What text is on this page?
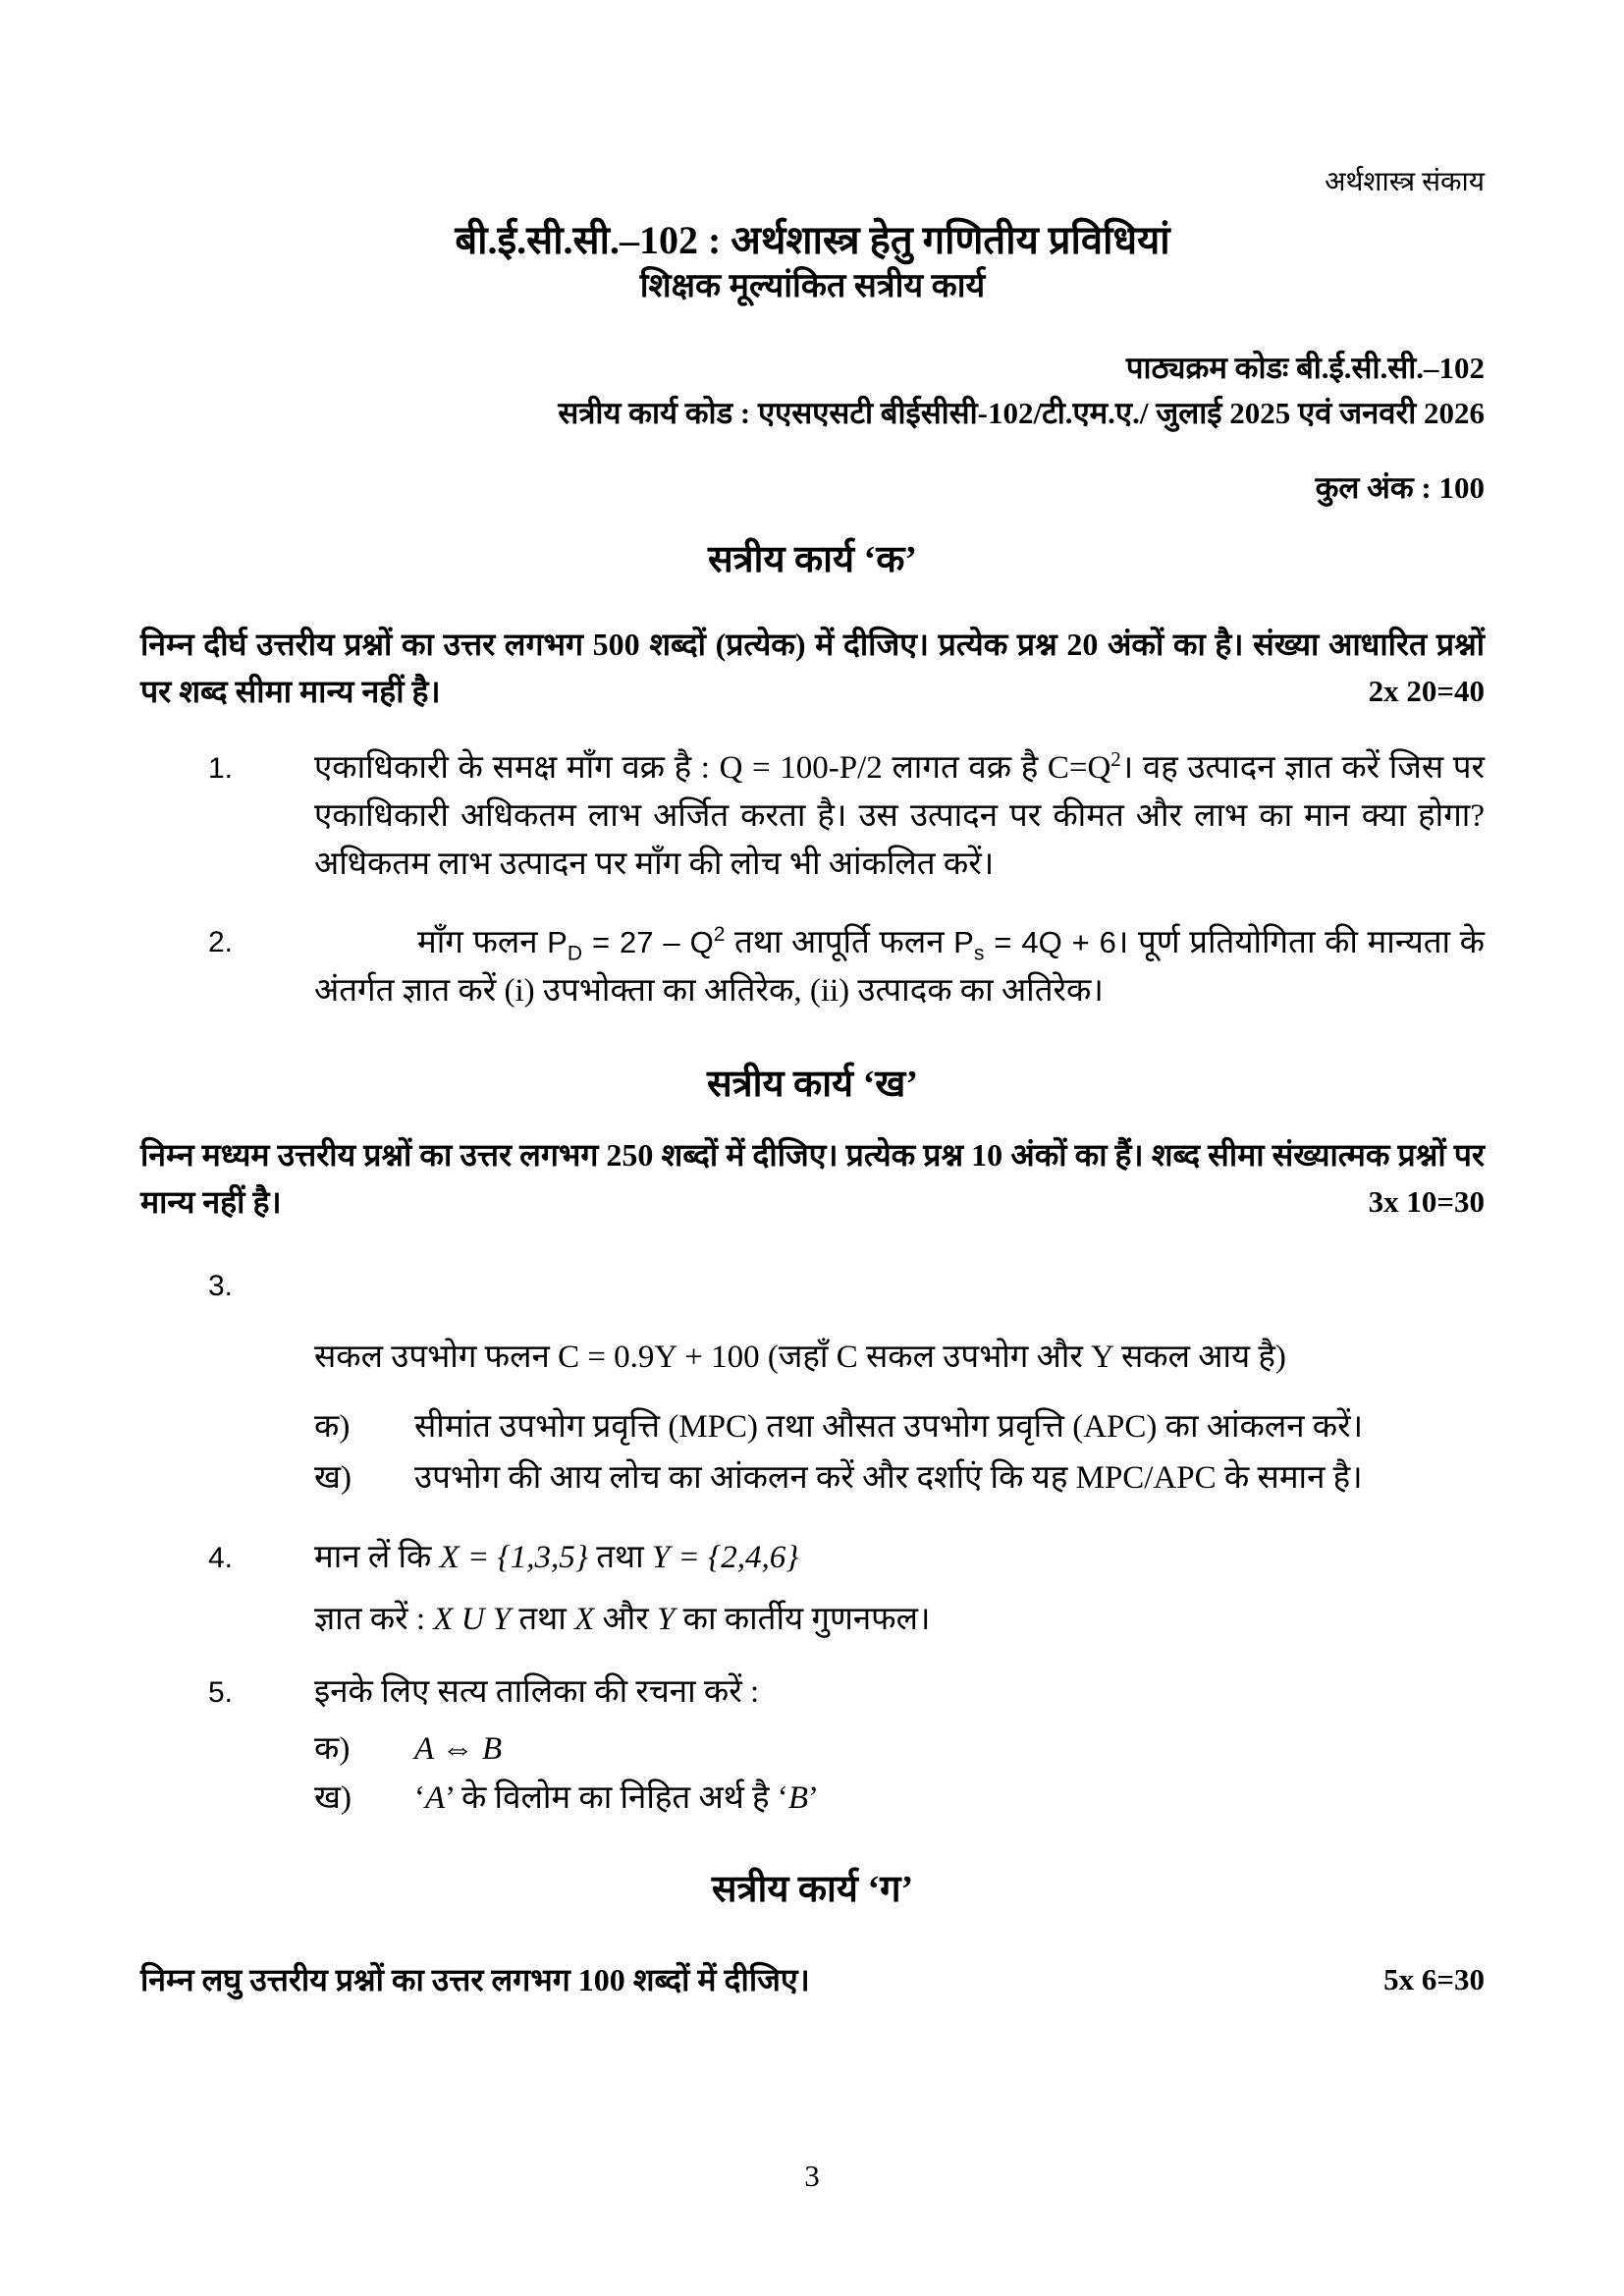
अर्थशास्त्र संकाय
बी.ई.सी.सी.–102 : अर्थशास्त्र हेतु गणितीय प्रविधियां
शिक्षक मूल्यांकित सत्रीय कार्य
पाठ्यक्रम कोडः बी.ई.सी.सी.–102
सत्रीय कार्य कोड : एएसएसटी बीईसीसी-102/टी.एम.ए./ जुलाई 2025 एवं जनवरी 2026
कुल अंक : 100
सत्रीय कार्य ‘क’

निम्न दीर्घ उत्तरीय प्रश्नों का उत्तर लगभग 500 शब्दों (प्रत्येक) में दीजिए। प्रत्येक प्रश्न 20 अंकों का है। संख्या आधारित प्रश्नों पर शब्द सीमा मान्य नहीं है।	2x 20=40

1.	एकाधिकारी के समक्ष माँग वक्र है : Q = 100-P/2 लागत वक्र है $C=Q^2।$ वह उत्पादन ज्ञात करें जिस पर एकाधिकारी अधिकतम लाभ अर्जित करता है। उस उत्पादन पर कीमत और लाभ का मान क्या होगा? अधिकतम लाभ उत्पादन पर माँग की लोच भी आंकलित करें।
2.	माँग फलन $P_D = 27 - Q^2$ तथा आपूर्ति फलन $P_s = 4Q$ + 6। पूर्ण प्रतियोगिता की मान्यता के अंतर्गत ज्ञात करें (i) उपभोक्ता का अतिरेक, (ii) उत्पादक का अतिरेक।
सत्रीय कार्य ‘ख’

निम्न मध्यम उत्तरीय प्रश्नों का उत्तर लगभग 250 शब्दों में दीजिए। प्रत्येक प्रश्न 10 अंकों का हैं। शब्द सीमा संख्यात्मक प्रश्नों पर मान्य नहीं है।	3x 10=30

3.
सकल उपभोग फलन C = 0.9Y + 100 (जहाँ C सकल उपभोग और Y सकल आय है)
क)	सीमांत उपभोग प्रवृत्ति (MPC) तथा औसत उपभोग प्रवृत्ति (APC) का आंकलन करें।
ख)	उपभोग की आय लोच का आंकलन करें और दर्शाएं कि यह MPC/APC के समान है।
4.	मान लें कि X = {1,3,5} तथा Y = {2,4,6}
ज्ञात करें : X U Y तथा X और Y का कार्तीय गुणनफल।
5.	इनके लिए सत्य तालिका की रचना करें :
क)	A ⇔ B
ख)	‘A’ के विलोम का निहित अर्थ है ‘B’
सत्रीय कार्य ‘ग’

निम्न लघु उत्तरीय प्रश्नों का उत्तर लगभग 100 शब्दों में दीजिए।	5x 6=30

3
